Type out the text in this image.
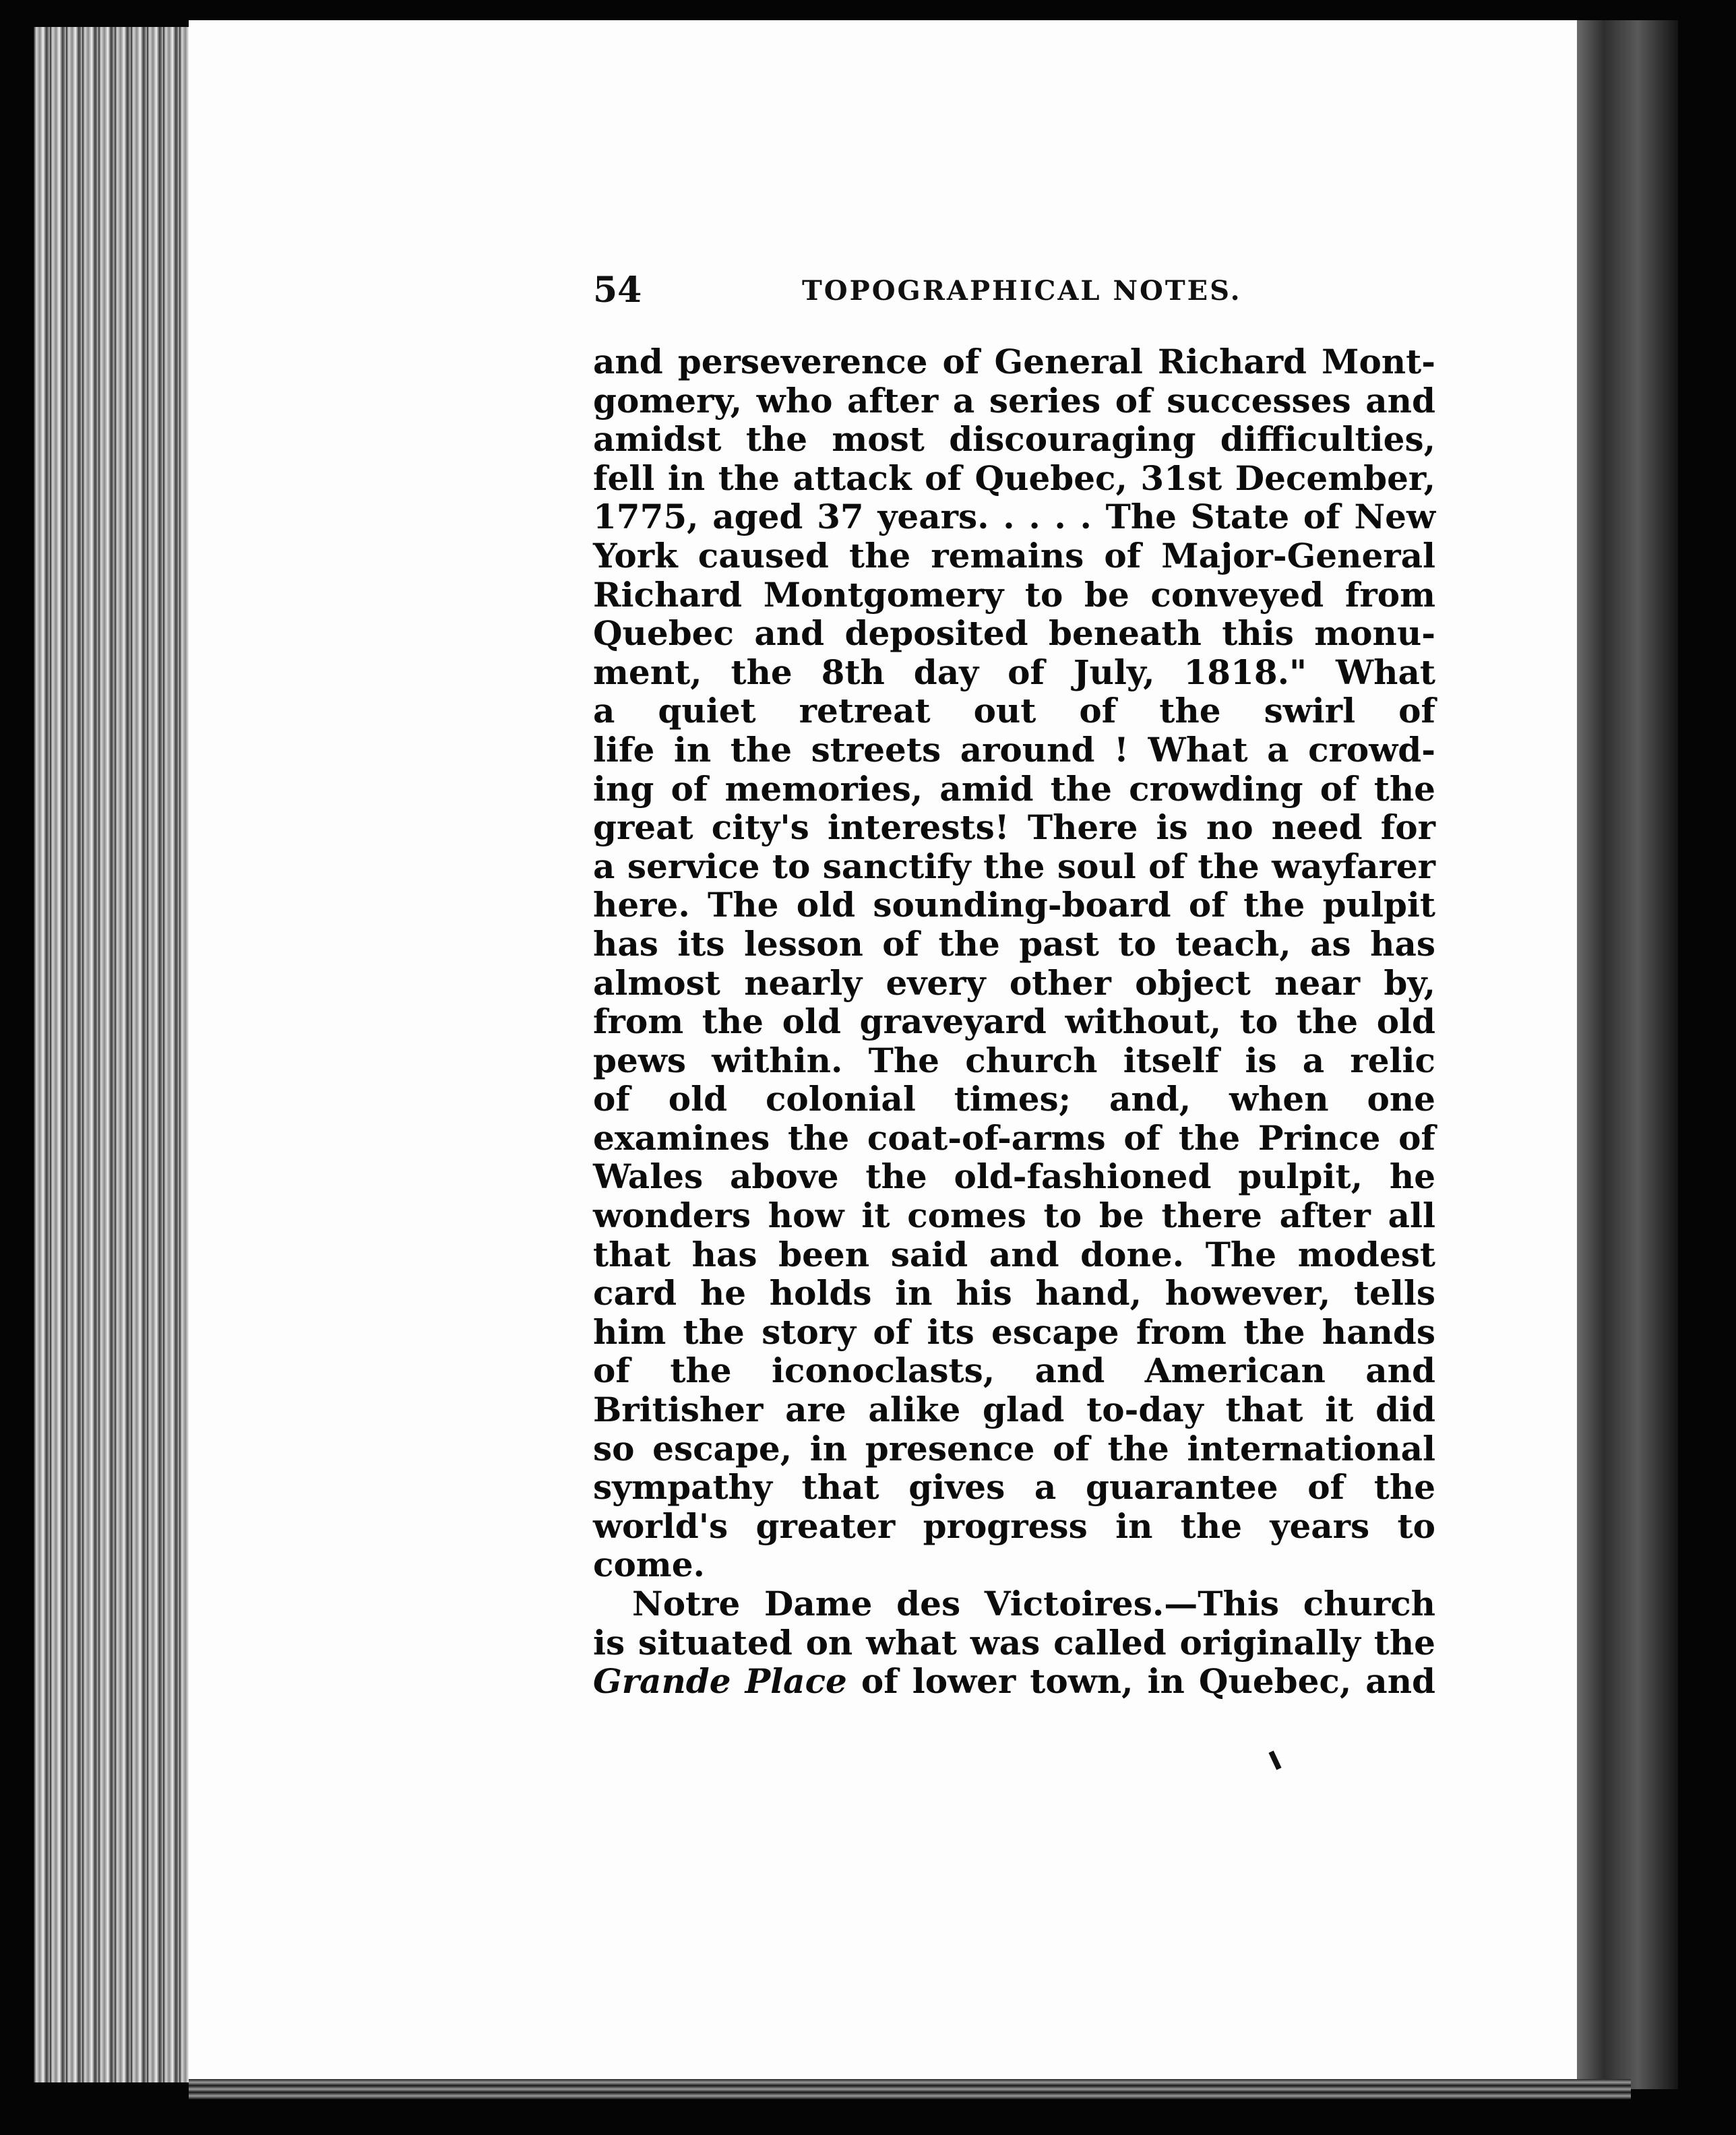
54	TOPOGRAPHICAL NOTES.
and perseverence of General Richard Mont-
gomery, who after a series of successes and
amidst the most discouraging difficulties,
fell in the attack of Quebec, 31st December,
1775, aged 37 years. . . . . The State of New
York caused the remains of Major-General
Richard Montgomery to be conveyed from
Quebec and deposited beneath this monu-
ment, the 8th day of July, 1818." What
a quiet retreat out of the swirl of
life in the streets around ! What a crowd-
ing of memories, amid the crowding of the
great city's interests! There is no need for
a service to sanctify the soul of the wayfarer
here. The old sounding-board of the pulpit
has its lesson of the past to teach, as has
almost nearly every other object near by,
from the old graveyard without, to the old
pews within. The church itself is a relic
of old colonial times; and, when one
examines the coat-of-arms of the Prince of
Wales above the old-fashioned pulpit, he
wonders how it comes to be there after all
that has been said and done. The modest
card he holds in his hand, however, tells
him the story of its escape from the hands
of the iconoclasts, and American and
Britisher are alike glad to-day that it did
so escape, in presence of the international
sympathy that gives a guarantee of the
world's greater progress in the years to
come.
Notre Dame des Victoires.—This church
is situated on what was called originally the
Grande Place of lower town, in Quebec, and
